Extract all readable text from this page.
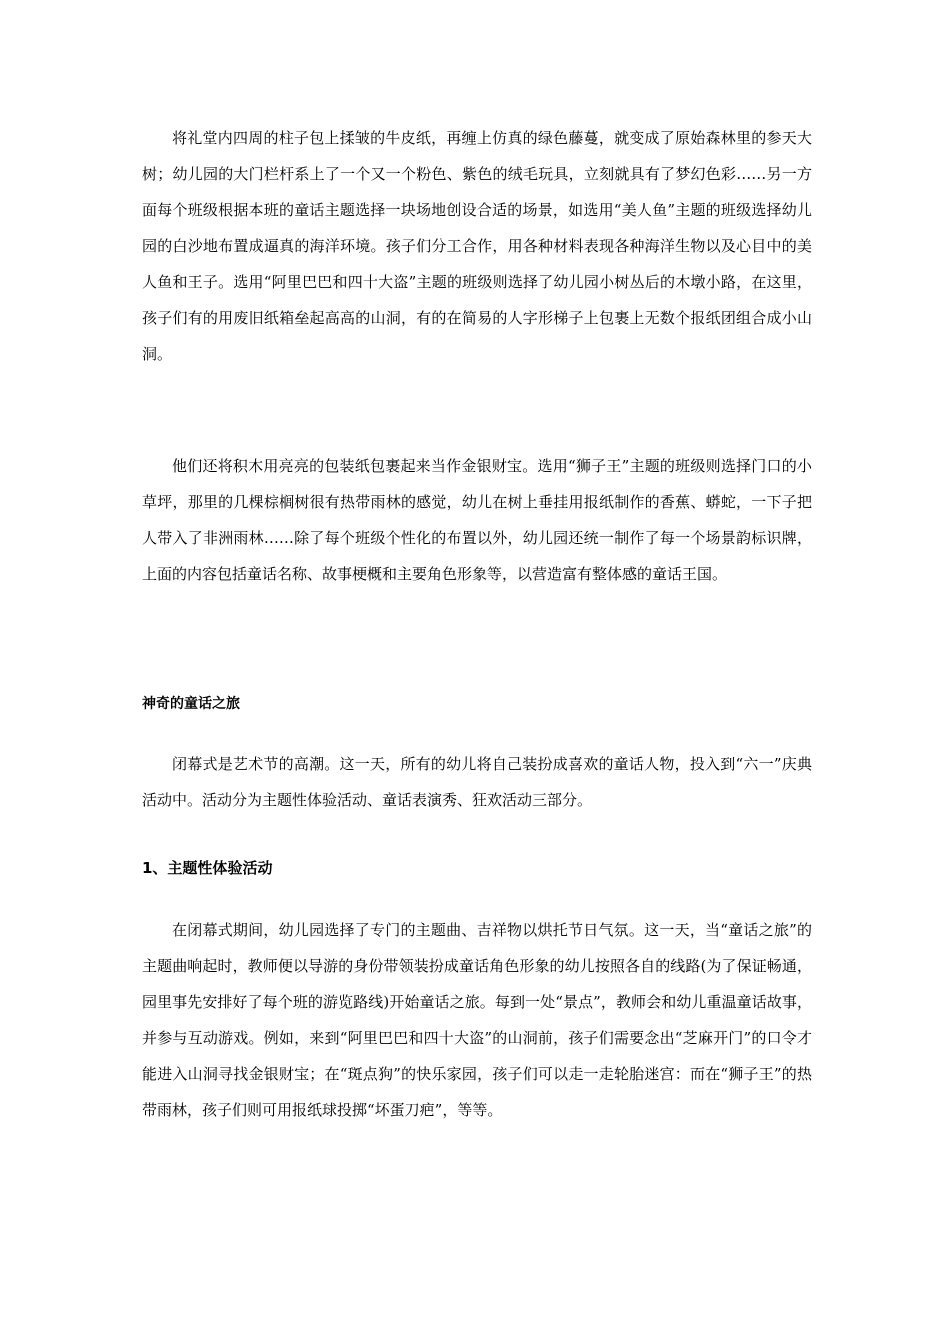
将礼堂内四周的柱子包上揉皱的牛皮纸，再缠上仿真的绿色藤蔓，就变成了原始森林里的参天大树；幼儿园的大门栏杆系上了一个又一个粉色、紫色的绒毛玩具，立刻就具有了梦幻色彩……另一方面每个班级根据本班的童话主题选择一块场地创设合适的场景，如选用“美人鱼”主题的班级选择幼儿园的白沙地布置成逼真的海洋环境。孩子们分工合作，用各种材料表现各种海洋生物以及心目中的美人鱼和王子。选用“阿里巴巴和四十大盗”主题的班级则选择了幼儿园小树丛后的木墩小路，在这里，孩子们有的用废旧纸箱垒起高高的山洞，有的在简易的人字形梯子上包裹上无数个报纸团组合成小山洞。

他们还将积木用亮亮的包装纸包裹起来当作金银财宝。选用“狮子王”主题的班级则选择门口的小草坪，那里的几棵棕榈树很有热带雨林的感觉，幼儿在树上垂挂用报纸制作的香蕉、蟒蛇，一下子把人带入了非洲雨林……除了每个班级个性化的布置以外，幼儿园还统一制作了每一个场景韵标识牌，上面的内容包括童话名称、故事梗概和主要角色形象等，以营造富有整体感的童话王国。

神奇的童话之旅

闭幕式是艺术节的高潮。这一天，所有的幼儿将自己装扮成喜欢的童话人物，投入到“六一”庆典活动中。活动分为主题性体验活动、童话表演秀、狂欢活动三部分。

1、主题性体验活动

在闭幕式期间，幼儿园选择了专门的主题曲、吉祥物以烘托节日气氛。这一天，当“童话之旅”的主题曲响起时，教师便以导游的身份带领装扮成童话角色形象的幼儿按照各自的线路(为了保证畅通，园里事先安排好了每个班的游览路线)开始童话之旅。每到一处“景点”，教师会和幼儿重温童话故事，并参与互动游戏。例如，来到“阿里巴巴和四十大盗”的山洞前，孩子们需要念出“芝麻开门”的口令才能进入山洞寻找金银财宝；在“斑点狗”的快乐家园，孩子们可以走一走轮胎迷宫：而在“狮子王”的热带雨林，孩子们则可用报纸球投掷“坏蛋刀疤”，等等。
